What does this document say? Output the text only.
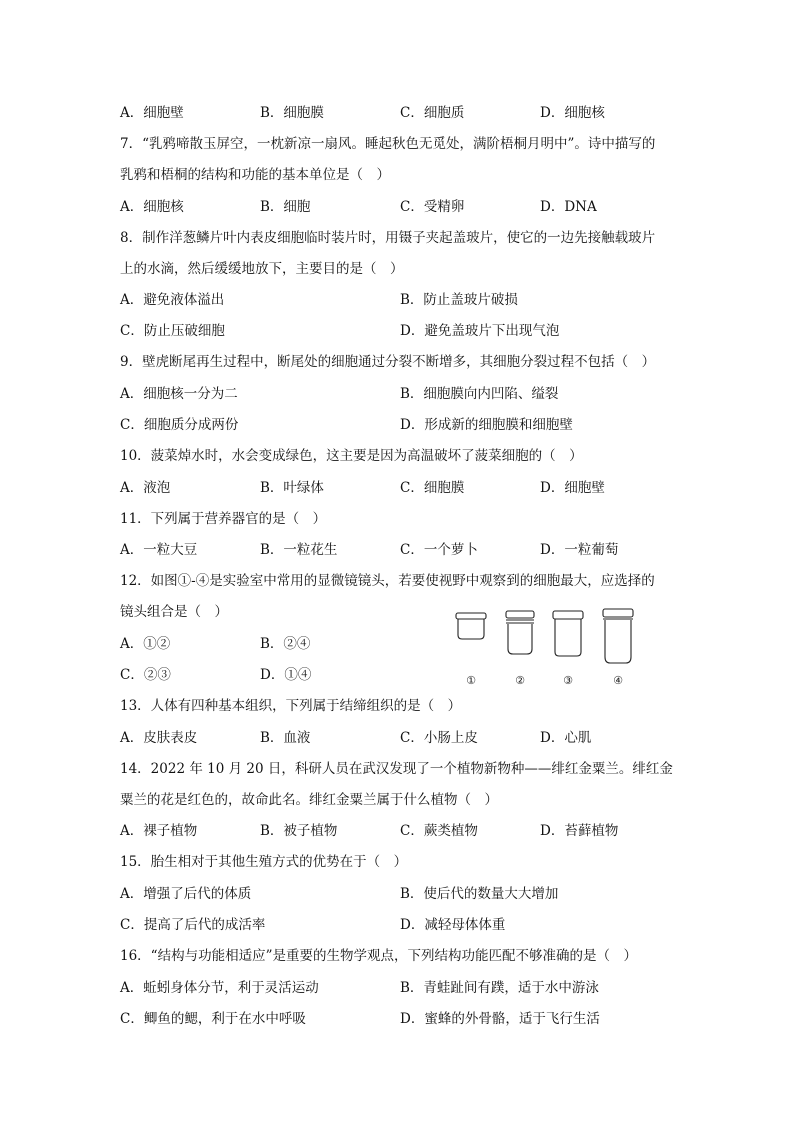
A．细胞壁	B．细胞膜	C．细胞质	D．细胞核
7．“乳鸦啼散玉屏空，一枕新凉一扇风。睡起秋色无觅处，满阶梧桐月明中”。诗中描写的
乳鸦和梧桐的结构和功能的基本单位是（　）
A．细胞核	B．细胞	C．受精卵	D．DNA
8．制作洋葱鳞片叶内表皮细胞临时装片时，用镊子夹起盖玻片，使它的一边先接触载玻片
上的水滴，然后缓缓地放下，主要目的是（　）
A．避免液体溢出	B．防止盖玻片破损
C．防止压破细胞	D．避免盖玻片下出现气泡
9．壁虎断尾再生过程中，断尾处的细胞通过分裂不断增多，其细胞分裂过程不包括（　）
A．细胞核一分为二	B．细胞膜向内凹陷、缢裂
C．细胞质分成两份	D．形成新的细胞膜和细胞壁
10．菠菜焯水时，水会变成绿色，这主要是因为高温破坏了菠菜细胞的（　）
A．液泡	B．叶绿体	C．细胞膜	D．细胞壁
11．下列属于营养器官的是（　）
A．一粒大豆	B．一粒花生	C．一个萝卜	D．一粒葡萄
12．如图①-④是实验室中常用的显微镜镜头，若要使视野中观察到的细胞最大，应选择的
镜头组合是（　）
A．①②	B．②④
C．②③	D．①④	①	②	③	④
13．人体有四种基本组织，下列属于结缔组织的是（　）
A．皮肤表皮	B．血液	C．小肠上皮	D．心肌
14．2022 年 10 月 20 日，科研人员在武汉发现了一个植物新物种——绯红金粟兰。绯红金
粟兰的花是红色的，故命此名。绯红金粟兰属于什么植物（　）
A．裸子植物	B．被子植物	C．蕨类植物	D．苔藓植物
15．胎生相对于其他生殖方式的优势在于（　）
A．增强了后代的体质	B．使后代的数量大大增加
C．提高了后代的成活率	D．减轻母体体重
16．“结构与功能相适应”是重要的生物学观点，下列结构功能匹配不够准确的是（　）
A．蚯蚓身体分节，利于灵活运动	B．青蛙趾间有蹼，适于水中游泳
C．鲫鱼的鳃，利于在水中呼吸	D．蜜蜂的外骨骼，适于飞行生活
